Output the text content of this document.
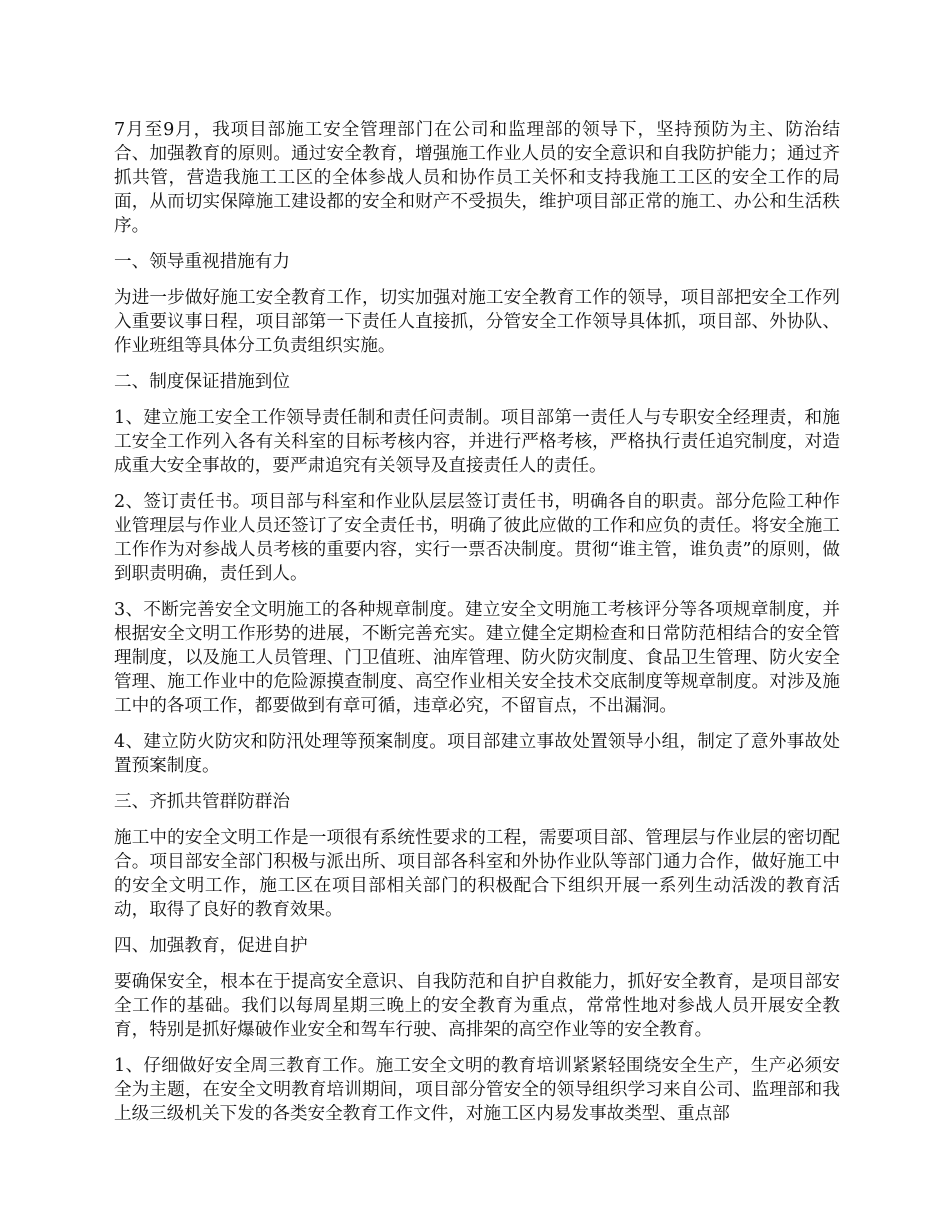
7月至9月，我项目部施工安全管理部门在公司和监理部的领导下，坚持预防为主、防治结合、加强教育的原则。通过安全教育，增强施工作业人员的安全意识和自我防护能力；通过齐抓共管，营造我施工工区的全体参战人员和协作员工关怀和支持我施工工区的安全工作的局面，从而切实保障施工建设都的安全和财产不受损失，维护项目部正常的施工、办公和生活秩序。

一、领导重视措施有力

为进一步做好施工安全教育工作，切实加强对施工安全教育工作的领导，项目部把安全工作列入重要议事日程，项目部第一下责任人直接抓，分管安全工作领导具体抓，项目部、外协队、作业班组等具体分工负责组织实施。

二、制度保证措施到位

1、建立施工安全工作领导责任制和责任问责制。项目部第一责任人与专职安全经理责，和施工安全工作列入各有关科室的目标考核内容，并进行严格考核，严格执行责任追究制度，对造成重大安全事故的，要严肃追究有关领导及直接责任人的责任。

2、签订责任书。项目部与科室和作业队层层签订责任书，明确各自的职责。部分危险工种作业管理层与作业人员还签订了安全责任书，明确了彼此应做的工作和应负的责任。将安全施工工作作为对参战人员考核的重要内容，实行一票否决制度。贯彻“谁主管，谁负责”的原则，做到职责明确，责任到人。

3、不断完善安全文明施工的各种规章制度。建立安全文明施工考核评分等各项规章制度，并根据安全文明工作形势的进展，不断完善充实。建立健全定期检查和日常防范相结合的安全管理制度，以及施工人员管理、门卫值班、油库管理、防火防灾制度、食品卫生管理、防火安全管理、施工作业中的危险源摸查制度、高空作业相关安全技术交底制度等规章制度。对涉及施工中的各项工作，都要做到有章可循，违章必究，不留盲点，不出漏洞。

4、建立防火防灾和防汛处理等预案制度。项目部建立事故处置领导小组，制定了意外事故处置预案制度。

三、齐抓共管群防群治

施工中的安全文明工作是一项很有系统性要求的工程，需要项目部、管理层与作业层的密切配合。项目部安全部门积极与派出所、项目部各科室和外协作业队等部门通力合作，做好施工中的安全文明工作，施工区在项目部相关部门的积极配合下组织开展一系列生动活泼的教育活动，取得了良好的教育效果。

四、加强教育，促进自护

要确保安全，根本在于提高安全意识、自我防范和自护自救能力，抓好安全教育，是项目部安全工作的基础。我们以每周星期三晚上的安全教育为重点，常常性地对参战人员开展安全教育，特别是抓好爆破作业安全和驾车行驶、高排架的高空作业等的安全教育。

1、仔细做好安全周三教育工作。施工安全文明的教育培训紧紧轻围绕安全生产，生产必须安全为主题，在安全文明教育培训期间，项目部分管安全的领导组织学习来自公司、监理部和我上级三级机关下发的各类安全教育工作文件，对施工区内易发事故类型、重点部
